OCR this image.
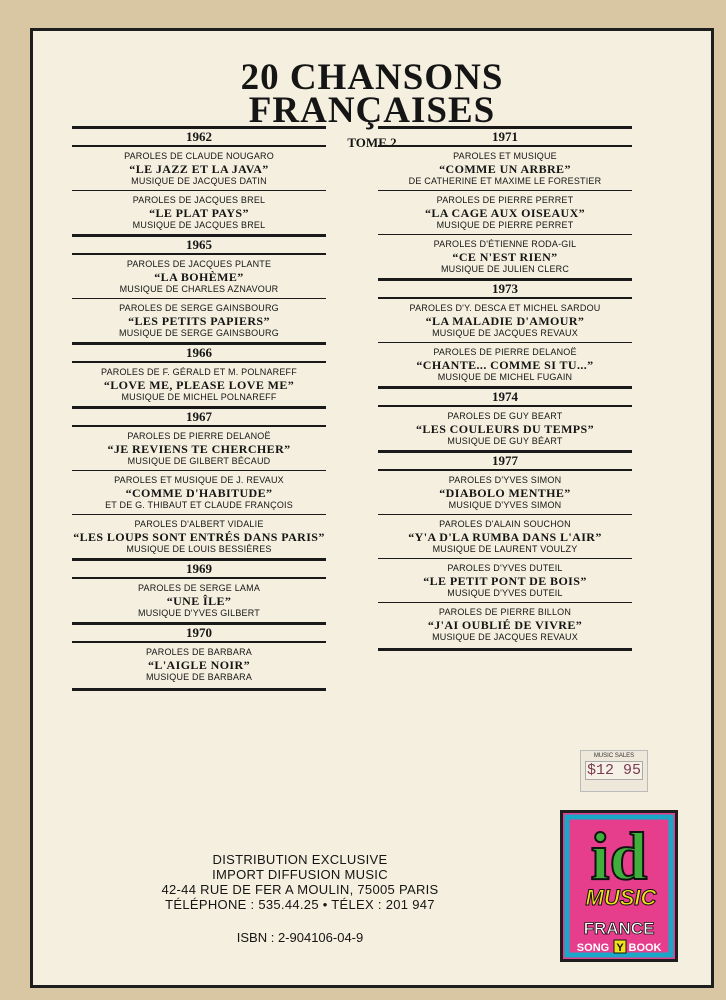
20 CHANSONS
FRANÇAISES
TOME 2
1962
PAROLES DE CLAUDE NOUGARO
“LE JAZZ ET LA JAVA”
MUSIQUE DE JACQUES DATIN
PAROLES DE JACQUES BREL
“LE PLAT PAYS”
MUSIQUE DE JACQUES BREL
1965
PAROLES DE JACQUES PLANTE
“LA BOHÈME”
MUSIQUE DE CHARLES AZNAVOUR
PAROLES DE SERGE GAINSBOURG
“LES PETITS PAPIERS”
MUSIQUE DE SERGE GAINSBOURG
1966
PAROLES DE F. GÉRALD ET M. POLNAREFF
“LOVE ME, PLEASE LOVE ME”
MUSIQUE DE MICHEL POLNAREFF
1967
PAROLES DE PIERRE DELANOË
“JE REVIENS TE CHERCHER”
MUSIQUE DE GILBERT BÉCAUD
PAROLES ET MUSIQUE DE J. REVAUX
“COMME D'HABITUDE”
ET DE G. THIBAUT ET CLAUDE FRANÇOIS
PAROLES D'ALBERT VIDALIE
“LES LOUPS SONT ENTRÉS DANS PARIS”
MUSIQUE DE LOUIS BESSIÈRES
1969
PAROLES DE SERGE LAMA
“UNE ÎLE”
MUSIQUE D'YVES GILBERT
1970
PAROLES DE BARBARA
“L'AIGLE NOIR”
MUSIQUE DE BARBARA
1971
PAROLES ET MUSIQUE
“COMME UN ARBRE”
DE CATHERINE ET MAXIME LE FORESTIER
PAROLES DE PIERRE PERRET
“LA CAGE AUX OISEAUX”
MUSIQUE DE PIERRE PERRET
PAROLES D'ÉTIENNE RODA-GIL
“CE N'EST RIEN”
MUSIQUE DE JULIEN CLERC
1973
PAROLES D'Y. DESCA ET MICHEL SARDOU
“LA MALADIE D'AMOUR”
MUSIQUE DE JACQUES REVAUX
PAROLES DE PIERRE DELANOË
“CHANTE... COMME SI TU...”
MUSIQUE DE MICHEL FUGAIN
1974
PAROLES DE GUY BEART
“LES COULEURS DU TEMPS”
MUSIQUE DE GUY BÉART
1977
PAROLES D'YVES SIMON
“DIABOLO MENTHE”
MUSIQUE D'YVES SIMON
PAROLES D'ALAIN SOUCHON
“Y'A D'LA RUMBA DANS L'AIR”
MUSIQUE DE LAURENT VOULZY
PAROLES D'YVES DUTEIL
“LE PETIT PONT DE BOIS”
MUSIQUE D'YVES DUTEIL
PAROLES DE PIERRE BILLON
“J'AI OUBLIÉ DE VIVRE”
MUSIQUE DE JACQUES REVAUX
MUSIC SALES
$12 95
DISTRIBUTION EXCLUSIVE
IMPORT DIFFUSION MUSIC
42-44 RUE DE FER A MOULIN, 75005 PARIS
TÉLÉPHONE : 535.44.25 • TÉLEX : 201 947
ISBN : 2-904106-04-9
id
MUSIC
FRANCE
SONG Y BOOK
